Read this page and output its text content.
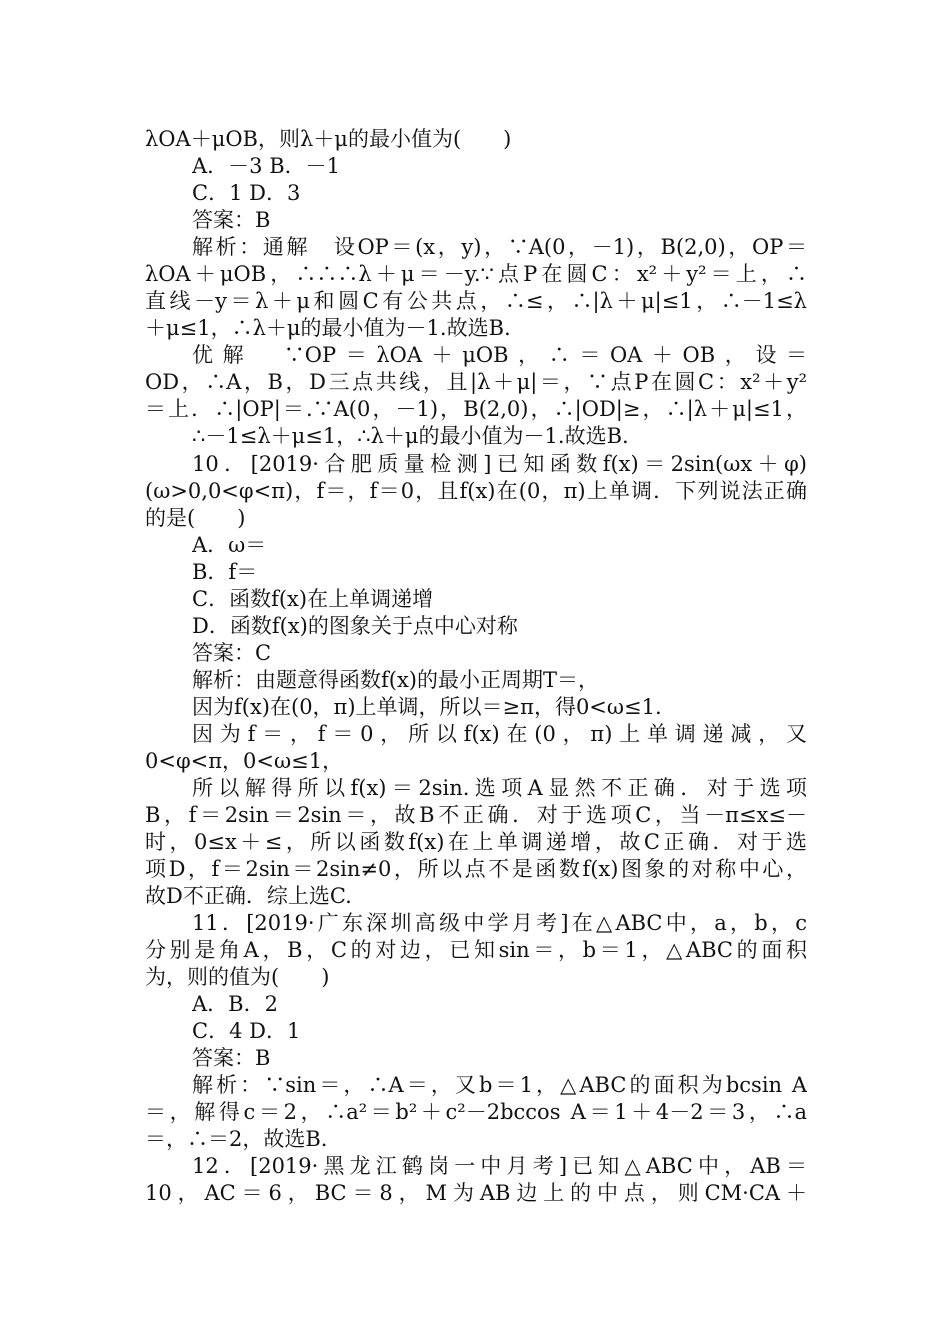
λOA＋μOB，则λ＋μ的最小值为(　　)
A．－3 B．－1
C．1 D．3
答案：B
解析：通解　设OP＝(x，y)，∵A(0，－1)，B(2,0)，OP＝
λOA＋μOB，∴∴∴λ＋μ＝－y.∵点P在圆C：x²＋y²＝上，∴
直线－y＝λ＋μ和圆C有公共点，∴≤，∴|λ＋μ|≤1，∴－1≤λ
＋μ≤1，∴λ＋μ的最小值为－1.故选B.
优解　∵OP＝λOA＋μOB，∴＝OA＋OB，设＝
OD，∴A，B，D三点共线，且|λ＋μ|＝，∵点P在圆C：x²＋y²
＝上．∴|OP|＝.∵A(0，－1)，B(2,0)，∴|OD|≥，∴|λ＋μ|≤1，
∴－1≤λ＋μ≤1，∴λ＋μ的最小值为－1.故选B.
10．[2019·合肥质量检测]已知函数f(x)＝2sin(ωx＋φ)
(ω>0,0<φ<π)，f＝，f＝0，且f(x)在(0，π)上单调．下列说法正确
的是(　　)
A．ω＝
B．f＝
C．函数f(x)在上单调递增
D．函数f(x)的图象关于点中心对称
答案：C
解析：由题意得函数f(x)的最小正周期T＝，
因为f(x)在(0，π)上单调，所以＝≥π，得0<ω≤1.
因为f＝，f＝0，所以f(x)在(0，π)上单调递减，又
0<φ<π，0<ω≤1，
所以解得所以f(x)＝2sin.选项A显然不正确．对于选项
B，f＝2sin＝2sin＝，故B不正确．对于选项C，当－π≤x≤－
时，0≤x＋≤，所以函数f(x)在上单调递增，故C正确．对于选
项D，f＝2sin＝2sin≠0，所以点不是函数f(x)图象的对称中心，
故D不正确．综上选C.
11．[2019·广东深圳高级中学月考]在△ABC中，a，b，c
分别是角A，B，C的对边，已知sin＝，b＝1，△ABC的面积
为，则的值为(　　)
A．B．2
C．4 D．1
答案：B
解析：∵sin＝，∴A＝，又b＝1，△ABC的面积为bcsin A
＝，解得c＝2，∴a²＝b²＋c²－2bccos A＝1＋4－2＝3，∴a
＝，∴＝2，故选B.
12．[2019·黑龙江鹤岗一中月考]已知△ABC中，AB＝
10，AC＝6，BC＝8，M为AB边上的中点，则CM·CA＋
